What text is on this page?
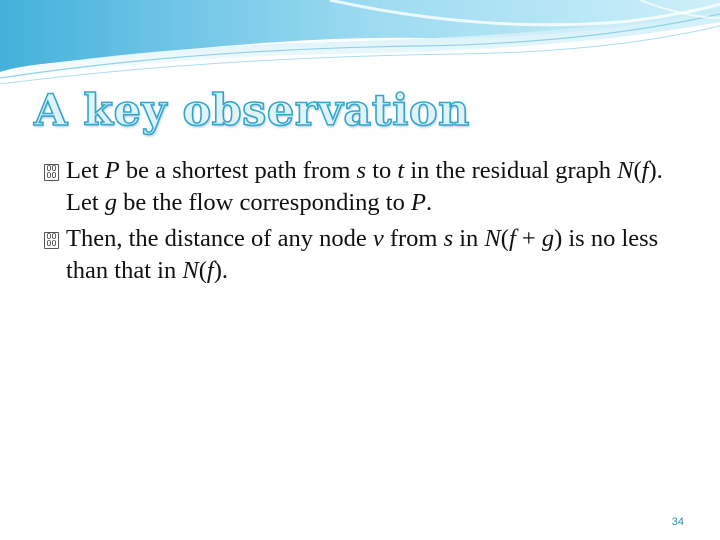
A key observation
00
00 Let P be a shortest path from s to t in the residual graph N(f). Let g be the flow corresponding to P.
00
00 Then, the distance of any node v from s in N(f + g) is no less than that in N(f).
34
